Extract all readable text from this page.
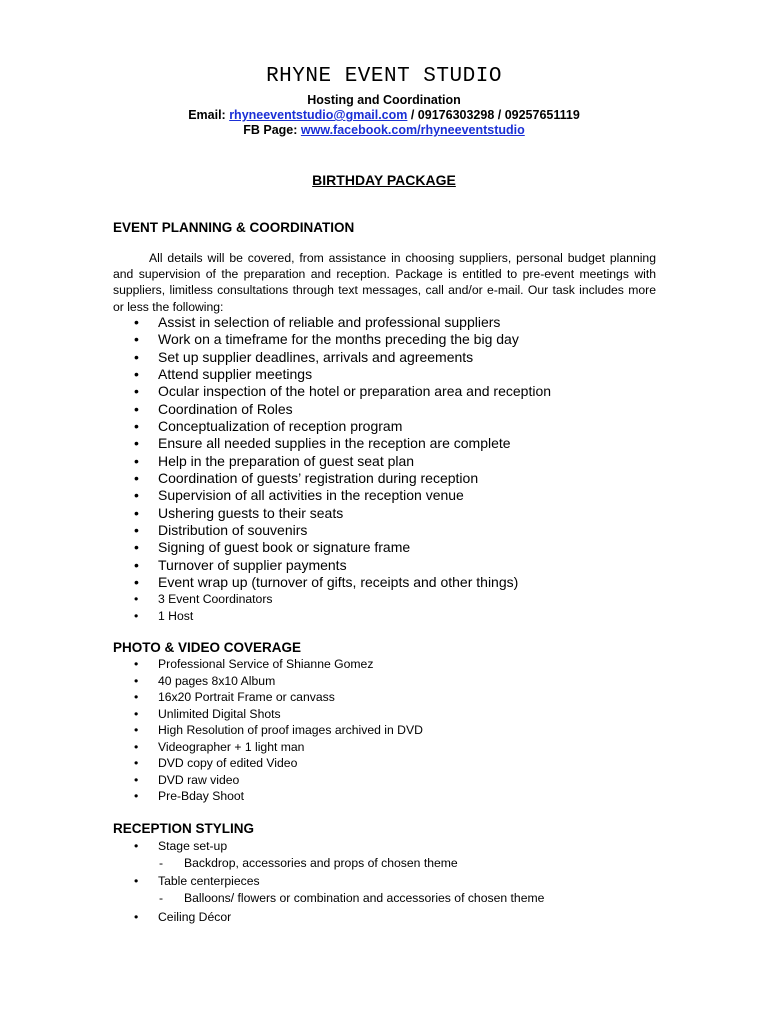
RHYNE EVENT STUDIO
Hosting and Coordination
Email: rhyneeventstudio@gmail.com / 09176303298 / 09257651119
FB Page: www.facebook.com/rhyneeventstudio
BIRTHDAY PACKAGE
EVENT PLANNING & COORDINATION
All details will be covered, from assistance in choosing suppliers, personal budget planning and supervision of the preparation and reception. Package is entitled to pre-event meetings with suppliers, limitless consultations through text messages, call and/or e-mail. Our task includes more or less the following:
• Assist in selection of reliable and professional suppliers
• Work on a timeframe for the months preceding the big day
• Set up supplier deadlines, arrivals and agreements
• Attend supplier meetings
• Ocular inspection of the hotel or preparation area and reception
• Coordination of Roles
• Conceptualization of reception program
• Ensure all needed supplies in the reception are complete
• Help in the preparation of guest seat plan
• Coordination of guests’ registration during reception
• Supervision of all activities in the reception venue
• Ushering guests to their seats
• Distribution of souvenirs
• Signing of guest book or signature frame
• Turnover of supplier payments
• Event wrap up (turnover of gifts, receipts and other things)
• 3 Event Coordinators
• 1 Host
PHOTO & VIDEO COVERAGE
• Professional Service of Shianne Gomez
• 40 pages 8x10 Album
• 16x20 Portrait Frame or canvass
• Unlimited Digital Shots
• High Resolution of proof images archived in DVD
• Videographer + 1 light man
• DVD copy of edited Video
• DVD raw video
• Pre-Bday Shoot
RECEPTION STYLING
• Stage set-up
- Backdrop, accessories and props of chosen theme
• Table centerpieces
- Balloons/ flowers or combination and accessories of chosen theme
• Ceiling Décor
